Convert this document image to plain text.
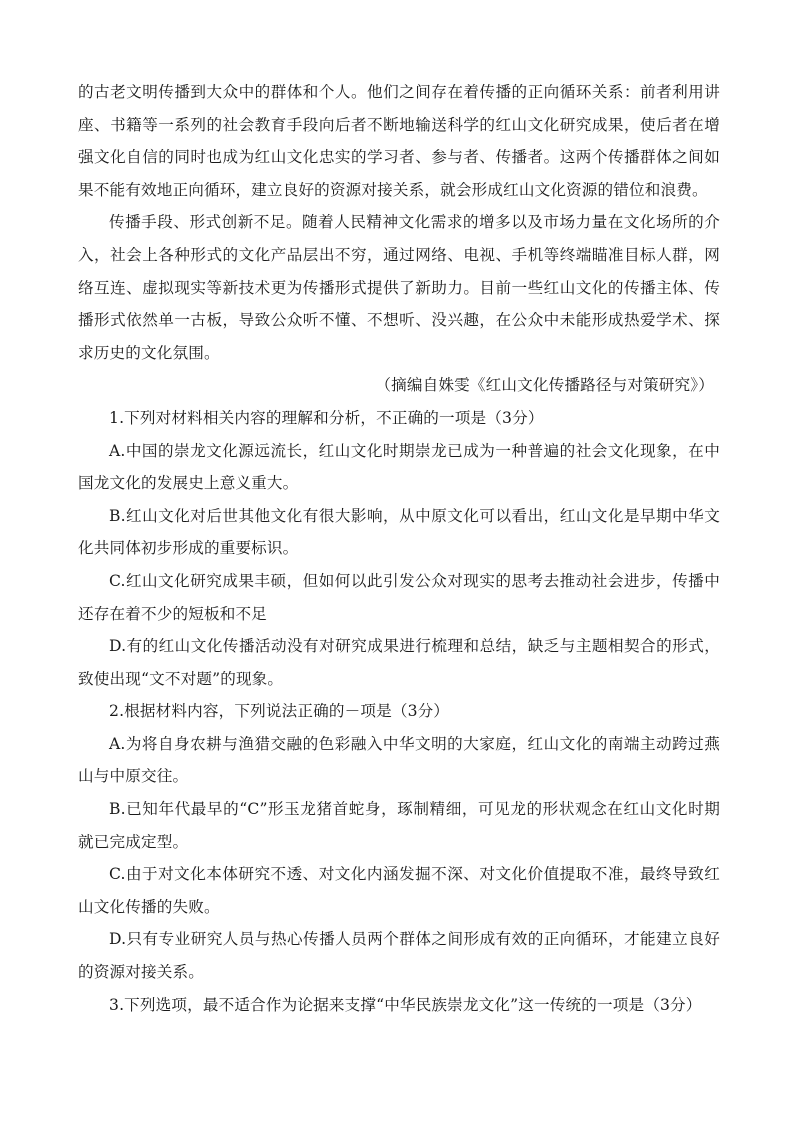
的古老文明传播到大众中的群体和个人。他们之间存在着传播的正向循环关系：前者利用讲座、书籍等一系列的社会教育手段向后者不断地输送科学的红山文化研究成果，使后者在增强文化自信的同时也成为红山文化忠实的学习者、参与者、传播者。这两个传播群体之间如果不能有效地正向循环，建立良好的资源对接关系，就会形成红山文化资源的错位和浪费。

传播手段、形式创新不足。随着人民精神文化需求的增多以及市场力量在文化场所的介入，社会上各种形式的文化产品层出不穷，通过网络、电视、手机等终端瞄准目标人群，网络互连、虚拟现实等新技术更为传播形式提供了新助力。目前一些红山文化的传播主体、传播形式依然单一古板，导致公众听不懂、不想听、没兴趣，在公众中未能形成热爱学术、探求历史的文化氛围。

（摘编自姝雯《红山文化传播路径与对策研究》）

1.下列对材料相关内容的理解和分析，不正确的一项是（3分）

A.中国的崇龙文化源远流长，红山文化时期崇龙已成为一种普遍的社会文化现象，在中国龙文化的发展史上意义重大。

B.红山文化对后世其他文化有很大影响，从中原文化可以看出，红山文化是早期中华文化共同体初步形成的重要标识。

C.红山文化研究成果丰硕，但如何以此引发公众对现实的思考去推动社会进步，传播中还存在着不少的短板和不足

D.有的红山文化传播活动没有对研究成果进行梳理和总结，缺乏与主题相契合的形式，致使出现“文不对题”的现象。

2.根据材料内容，下列说法正确的－项是（3分）

A.为将自身农耕与渔猎交融的色彩融入中华文明的大家庭，红山文化的南端主动跨过燕山与中原交往。

B.已知年代最早的“C”形玉龙猪首蛇身，琢制精细，可见龙的形状观念在红山文化时期就已完成定型。

C.由于对文化本体研究不透、对文化内涵发掘不深、对文化价值提取不准，最终导致红山文化传播的失败。

D.只有专业研究人员与热心传播人员两个群体之间形成有效的正向循环，才能建立良好的资源对接关系。

3.下列选项，最不适合作为论据来支撑“中华民族崇龙文化”这一传统的一项是（3分）
